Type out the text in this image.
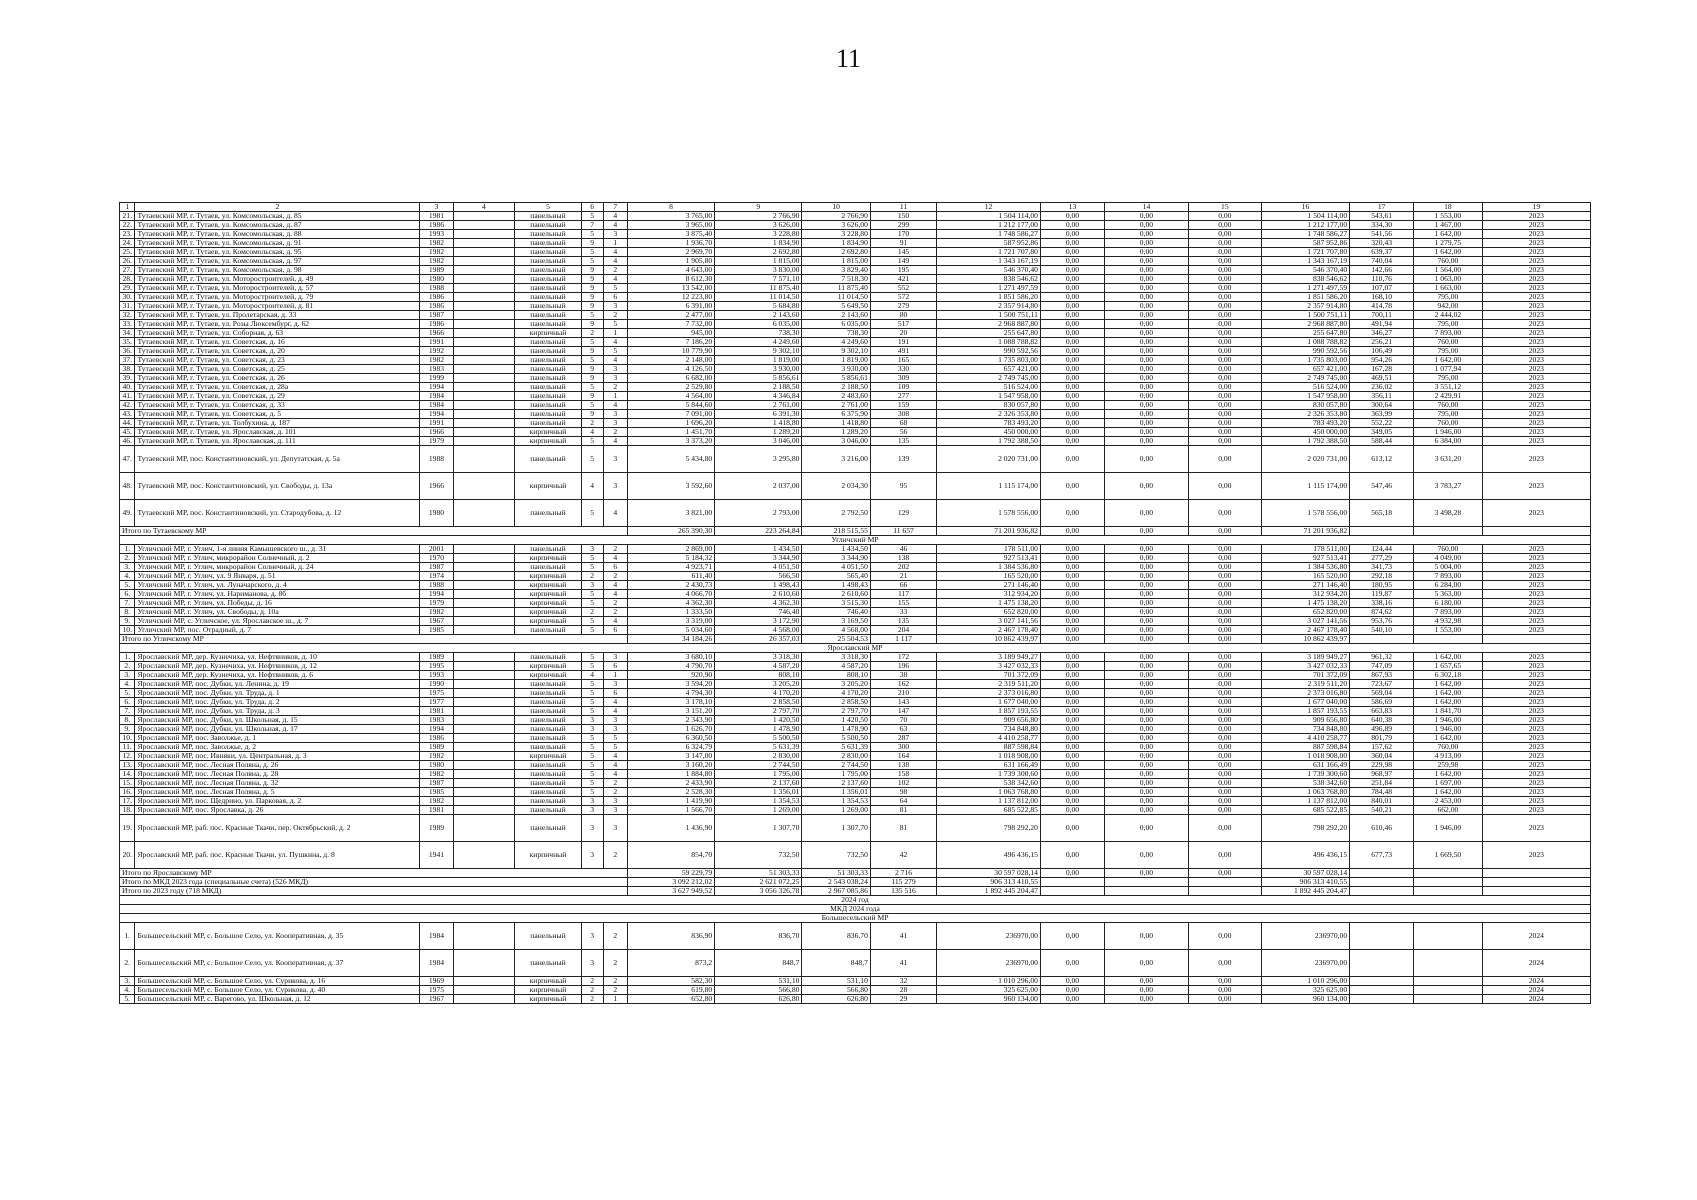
11
1	2	3	4	5	6	7	8	9	10	11	12	13	14	15	16	17	18	19
21.	Тутаевский МР, г. Тутаев, ул. Комсомольская, д. 85	1981		панельный	5	4	3 765,00	2 766,90	2 766,90	150	1 504 114,00	0,00	0,00	0,00	1 504 114,00	543,61	1 553,00	2023
22.	Тутаевский МР, г. Тутаев, ул. Комсомольская, д. 87	1986		панельный	7	4	3 965,00	3 626,00	3 626,00	299	1 212 177,00	0,00	0,00	0,00	1 212 177,00	334,30	1 467,00	2023
23.	Тутаевский МР, г. Тутаев, ул. Комсомольская, д. 88	1993		панельный	5	3	3 875,40	3 228,80	3 228,80	170	1 748 586,27	0,00	0,00	0,00	1 748 586,27	541,56	1 642,00	2023
24.	Тутаевский МР, г. Тутаев, ул. Комсомольская, д. 91	1982		панельный	9	1	1 936,70	1 834,90	1 834,90	91	587 952,86	0,00	0,00	0,00	587 952,86	320,43	1 279,75	2023
25.	Тутаевский МР, г. Тутаев, ул. Комсомольская, д. 95	1982		панельный	5	4	2 969,70	2 692,80	2 692,80	145	1 721 707,80	0,00	0,00	0,00	1 721 707,80	639,37	1 642,00	2023
26.	Тутаевский МР, г. Тутаев, ул. Комсомольская, д. 97	1982		панельный	5	4	1 905,80	1 815,00	1 815,00	149	1 343 167,19	0,00	0,00	0,00	1 343 167,19	740,04	760,00	2023
27.	Тутаевский МР, г. Тутаев, ул. Комсомольская, д. 98	1989		панельный	9	2	4 643,00	3 830,00	3 829,40	195	546 370,40	0,00	0,00	0,00	546 370,40	142,66	1 564,00	2023
28.	Тутаевский МР, г. Тутаев, ул. Моторостроителей, д. 49	1980		панельный	9	4	8 612,30	7 571,10	7 518,30	421	838 546,62	0,00	0,00	0,00	838 546,62	110,76	1 063,00	2023
29.	Тутаевский МР, г. Тутаев, ул. Моторостроителей, д. 57	1988		панельный	9	5	13 542,00	11 875,40	11 875,40	552	1 271 497,59	0,00	0,00	0,00	1 271 497,59	107,07	1 663,00	2023
30.	Тутаевский МР, г. Тутаев, ул. Моторостроителей, д. 79	1986		панельный	9	6	12 223,80	11 014,50	11 014,50	572	1 851 586,20	0,00	0,00	0,00	1 851 586,20	168,10	795,00	2023
31.	Тутаевский МР, г. Тутаев, ул. Моторостроителей, д. 81	1986		панельный	9	3	6 391,00	5 684,80	5 649,50	279	2 357 914,80	0,00	0,00	0,00	2 357 914,80	414,78	942,00	2023
32.	Тутаевский МР, г. Тутаев, ул. Пролетарская, д. 33	1987		панельный	5	2	2 477,00	2 143,60	2 143,60	80	1 500 751,11	0,00	0,00	0,00	1 500 751,11	700,11	2 444,02	2023
33.	Тутаевский МР, г. Тутаев, ул. Розы Люксембург, д. 62	1986		панельный	9	5	7 732,00	6 035,00	6 035,00	517	2 968 887,80	0,00	0,00	0,00	2 968 887,80	491,94	795,00	2023
34.	Тутаевский МР, г. Тутаев, ул. Соборная, д. 63	1966		кирпичный	2	1	945,00	738,30	738,30	20	255 647,80	0,00	0,00	0,00	255 647,80	346,27	7 893,00	2023
35.	Тутаевский МР, г. Тутаев, ул. Советская, д. 16	1991		панельный	5	4	7 186,20	4 249,60	4 249,60	191	1 088 788,82	0,00	0,00	0,00	1 088 788,82	256,21	760,00	2023
36.	Тутаевский МР, г. Тутаев, ул. Советская, д. 20	1992		панельный	9	5	10 779,90	9 302,10	9 302,10	491	990 592,56	0,00	0,00	0,00	990 592,56	106,49	795,00	2023
37.	Тутаевский МР, г. Тутаев, ул. Советская, д. 23	1982		панельный	5	4	2 148,00	1 819,00	1 819,00	165	1 735 803,00	0,00	0,00	0,00	1 735 803,00	954,26	1 642,00	2023
38.	Тутаевский МР, г. Тутаев, ул. Советская, д. 25	1983		панельный	9	3	4 126,50	3 930,00	3 930,00	330	657 421,00	0,00	0,00	0,00	657 421,00	167,28	1 077,94	2023
39.	Тутаевский МР, г. Тутаев, ул. Советская, д. 26	1999		панельный	9	3	6 682,00	5 856,61	5 856,61	309	2 749 745,00	0,00	0,00	0,00	2 749 745,00	469,51	795,00	2023
40.	Тутаевский МР, г. Тутаев, ул. Советская, д. 28а	1994		панельный	5	2	2 529,80	2 188,50	2 188,50	109	516 524,00	0,00	0,00	0,00	516 524,00	236,02	3 551,12	2023
41.	Тутаевский МР, г. Тутаев, ул. Советская, д. 29	1984		панельный	9	1	4 564,00	4 346,84	2 483,60	277	1 547 958,00	0,00	0,00	0,00	1 547 958,00	356,11	2 429,91	2023
42.	Тутаевский МР, г. Тутаев, ул. Советская, д. 33	1984		панельный	5	4	5 844,60	2 761,00	2 761,00	159	830 057,80	0,00	0,00	0,00	830 057,80	300,64	760,00	2023
43.	Тутаевский МР, г. Тутаев, ул. Советская, д. 5	1994		панельный	9	3	7 091,00	6 391,30	6 375,90	308	2 326 353,80	0,00	0,00	0,00	2 326 353,80	363,99	795,00	2023
44.	Тутаевский МР, г. Тутаев, ул. Толбухина, д. 187	1991		панельный	2	3	1 696,20	1 418,80	1 418,80	68	783 493,20	0,00	0,00	0,00	783 493,20	552,22	760,00	2023
45.	Тутаевский МР, г. Тутаев, ул. Ярославская, д. 101	1966		кирпичный	4	2	1 451,70	1 289,20	1 289,20	56	450 000,00	0,00	0,00	0,00	450 000,00	349,05	1 946,00	2023
46.	Тутаевский МР, г. Тутаев, ул. Ярославская, д. 111	1979		кирпичный	5	4	3 373,20	3 046,00	3 046,00	135	1 792 388,50	0,00	0,00	0,00	1 792 388,50	588,44	6 384,00	2023
47.	Тутаевский МР, пос. Константиновский, ул. Депутатская, д. 5а	1988		панельный	5	3	5 434,80	3 295,80	3 216,00	139	2 020 731,00	0,00	0,00	0,00	2 020 731,00	613,12	3 631,20	2023
48.	Тутаевский МР, пос. Константиновский, ул. Свободы, д. 13а	1966		кирпичный	4	3	3 592,60	2 037,00	2 034,30	95	1 115 174,00	0,00	0,00	0,00	1 115 174,00	547,46	3 783,27	2023
49.	Тутаевский МР, пос. Константиновский, ул. Стародубова, д. 12	1980		панельный	5	4	3 821,00	2 793,00	2 792,50	129	1 578 556,00	0,00	0,00	0,00	1 578 556,00	565,18	3 498,28	2023
Итого по Тутаевскому МР							265 390,30	223 264,84	218 515,55	11 657	71 201 936,82	0,00	0,00	0,00	71 201 936,82			
Угличский МР																		
1.	Угличский МР, г. Углич, 1-я линия Камышевского ш., д. 31	2001		панельный	3	2	2 869,00	1 434,50	1 434,50	46	178 511,00	0,00	0,00	0,00	178 511,00	124,44	760,00	2023
2.	Угличский МР, г. Углич, микрорайон Солнечный, д. 2	1970		кирпичный	5	4	5 184,32	3 344,90	3 344,90	138	927 513,41	0,00	0,00	0,00	927 513,41	277,29	4 049,00	2023
3.	Угличский МР, г. Углич, микрорайон Солнечный, д. 24	1987		панельный	5	6	4 923,71	4 051,50	4 051,50	202	1 384 536,80	0,00	0,00	0,00	1 384 536,80	341,73	5 004,00	2023
4.	Угличский МР, г. Углич, ул. 9 Января, д. 51	1974		кирпичный	2	2	611,40	566,50	565,40	21	165 520,00	0,00	0,00	0,00	165 520,00	292,18	7 893,00	2023
5.	Угличский МР, г. Углич, ул. Луначарского, д. 4	1988		кирпичный	3	4	2 430,73	1 498,43	1 498,43	66	271 146,40	0,00	0,00	0,00	271 146,40	180,95	6 284,00	2023
6.	Угличский МР, г. Углич, ул. Нариманова, д. 8б	1994		кирпичный	5	4	4 066,70	2 610,60	2 610,60	117	312 934,20	0,00	0,00	0,00	312 934,20	119,87	5 363,00	2023
7.	Угличский МР, г. Углич, ул. Победы, д. 16	1979		кирпичный	5	2	4 362,30	4 362,30	3 515,30	155	1 475 138,20	0,00	0,00	0,00	1 475 138,20	338,16	6 180,00	2023
8.	Угличский МР, г. Углич, ул. Свободы, д. 10а	1982		кирпичный	2	2	1 333,50	746,40	746,40	33	652 820,00	0,00	0,00	0,00	652 820,00	874,62	7 893,00	2023
9.	Угличский МР, с. Угличское, ул. Ярославское ш., д. 7	1967		кирпичный	5	4	3 319,00	3 172,90	3 169,50	135	3 027 141,56	0,00	0,00	0,00	3 027 141,56	953,76	4 932,98	2023
10.	Угличский МР, пос. Отрадный, д. 7	1985		панельный	5	6	5 034,60	4 568,00	4 568,00	204	2 467 178,40	0,00	0,00	0,00	2 467 178,40	540,10	1 553,00	2023
Итого по Угличскому МР							34 184,26	26 357,03	25 504,53	1 117	10 862 439,97	0,00	0,00	0,00	10 862 439,97			
Ярославский МР																		
1.	Ярославский МР, дер. Кузнечиха, ул. Нефтяников, д. 10	1989		панельный	5	3	3 680,10	3 318,30	3 318,30	172	3 189 949,27	0,00	0,00	0,00	3 189 949,27	961,32	1 642,00	2023
2.	Ярославский МР, дер. Кузнечиха, ул. Нефтяников, д. 12	1995		кирпичный	5	6	4 790,70	4 587,20	4 587,20	196	3 427 032,33	0,00	0,00	0,00	3 427 032,33	747,09	1 657,65	2023
3.	Ярославский МР, дер. Кузнечиха, ул. Нефтяников, д. 6	1993		кирпичный	4	1	920,90	808,10	808,10	38	701 372,09	0,00	0,00	0,00	701 372,09	867,93	6 302,18	2023
4.	Ярославский МР, пос. Дубки, ул. Ленина, д. 19	1990		панельный	5	3	3 594,20	3 205,20	3 205,20	162	2 319 511,20	0,00	0,00	0,00	2 319 511,20	723,67	1 642,00	2023
5.	Ярославский МР, пос. Дубки, ул. Труда, д. 1	1975		панельный	5	6	4 794,30	4 170,20	4 170,20	210	2 373 016,80	0,00	0,00	0,00	2 373 016,80	569,04	1 642,00	2023
6.	Ярославский МР, пос. Дубки, ул. Труда, д. 2	1977		панельный	5	4	3 178,10	2 858,50	2 858,50	143	1 677 040,00	0,00	0,00	0,00	1 677 040,00	586,69	1 642,00	2023
7.	Ярославский МР, пос. Дубки, ул. Труда, д. 3	1981		панельный	5	4	3 151,20	2 797,70	2 797,70	147	1 857 193,55	0,00	0,00	0,00	1 857 193,55	663,83	1 841,70	2023
8.	Ярославский МР, пос. Дубки, ул. Школьная, д. 15	1983		панельный	3	3	2 343,90	1 420,50	1 420,50	70	909 656,80	0,00	0,00	0,00	909 656,80	640,38	1 946,00	2023
9.	Ярославский МР, пос. Дубки, ул. Школьная, д. 17	1994		панельный	3	3	1 626,70	1 478,90	1 478,90	63	734 848,80	0,00	0,00	0,00	734 848,80	496,89	1 946,00	2023
10.	Ярославский МР, пос. Заволжье, д. 1	1986		панельный	5	5	6 360,50	5 500,50	5 500,50	287	4 410 258,77	0,00	0,00	0,00	4 410 258,77	801,79	1 642,00	2023
11.	Ярославский МР, пос. Заволжье, д. 2	1989		панельный	5	5	6 324,79	5 631,39	5 631,39	300	887 598,84	0,00	0,00	0,00	887 598,84	157,62	760,00	2023
12.	Ярославский МР, пос. Ивняки, ул. Центральная, д. 3	1982		кирпичный	5	4	3 147,00	2 830,00	2 830,00	164	1 018 908,00	0,00	0,00	0,00	1 018 908,00	360,04	4 913,00	2023
13.	Ярославский МР, пос. Лесная Поляна, д. 26	1980		панельный	5	4	3 160,20	2 744,50	2 744,50	138	631 166,49	0,00	0,00	0,00	631 166,49	229,98	259,98	2023
14.	Ярославский МР, пос. Лесная Поляна, д. 28	1982		панельный	5	4	1 884,80	1 795,00	1 795,00	158	1 739 300,60	0,00	0,00	0,00	1 739 300,60	968,97	1 642,00	2023
15.	Ярославский МР, пос. Лесная Поляна, д. 32	1987		панельный	5	2	2 433,90	2 137,60	2 137,60	102	538 342,60	0,00	0,00	0,00	538 342,60	251,84	1 697,00	2023
16.	Ярославский МР, пос. Лесная Поляна, д. 5	1985		панельный	5	2	2 528,30	1 356,01	1 356,01	98	1 063 768,80	0,00	0,00	0,00	1 063 768,80	784,48	1 642,00	2023
17.	Ярославский МР, пос. Щедрино, ул. Парковая, д. 2	1982		панельный	3	3	1 419,90	1 354,53	1 354,53	64	1 137 812,00	0,00	0,00	0,00	1 137 812,00	840,01	2 453,00	2023
18.	Ярославский МР, пос. Ярославка, д. 26	1981		панельный	3	3	1 566,70	1 269,00	1 269,00	81	685 522,85	0,00	0,00	0,00	685 522,85	540,21	662,00	2023
19.	Ярославский МР, раб. пос. Красные Ткачи, пер. Октябрьский, д. 2	1989		панельный	3	3	1 436,90	1 307,70	1 307,70	81	798 292,20	0,00	0,00	0,00	798 292,20	610,46	1 946,00	2023
20.	Ярославский МР, раб. пос. Красные Ткачи, ул. Пушкина, д. 8	1941		кирпичный	3	2	854,70	732,50	732,50	42	496 436,15	0,00	0,00	0,00	496 436,15	677,73	1 669,50	2023
Итого по Ярославскому МР							59 229,79	51 303,33	51 303,33	2 716	30 597 028,14	0,00	0,00	0,00	30 597 028,14			
Итого по МКД 2023 года (специальные счета) (526 МКД)							3 092 212,02	2 621 072,25	2 543 038,24	115 279	906 313 410,55				906 313 410,55			
Итого по 2023 году (718 МКД)							3 627 949,52	3 056 326,78	2 967 085,86	135 516	1 892 445 204,47				1 892 445 204,47			
2024 год																		
МКД 2024 года																		
Большесельский МР																		
1.	Большесельский МР, с. Большое Село, ул. Кооперативная, д. 35	1984		панельный	3	2	836,90	836,70	836,70	41	236970,00	0,00	0,00	0,00	236970,00			2024
2.	Большесельский МР, с. Большое Село, ул. Кооперативная, д. 37	1984		панельный	3	2	873,2	848,7	848,7	41	236970,00	0,00	0,00	0,00	236970,00			2024
3.	Большесельский МР, с. Большое Село, ул. Сурикова, д. 16	1969		кирпичный	2	2	582,30	531,10	531,10	32	1 010 296,00	0,00	0,00	0,00	1 010 296,00			2024
4.	Большесельский МР, с. Большое Село, ул. Сурикова, д. 40	1975		кирпичный	2	2	619,80	566,80	566,80	28	325 625,00	0,00	0,00	0,00	325 625,00			2024
5.	Большесельский МР, с. Варегово, ул. Школьная, д. 12	1967		кирпичный	2	1	652,80	626,80	626,80	29	960 134,00	0,00	0,00	0,00	960 134,00			2024
